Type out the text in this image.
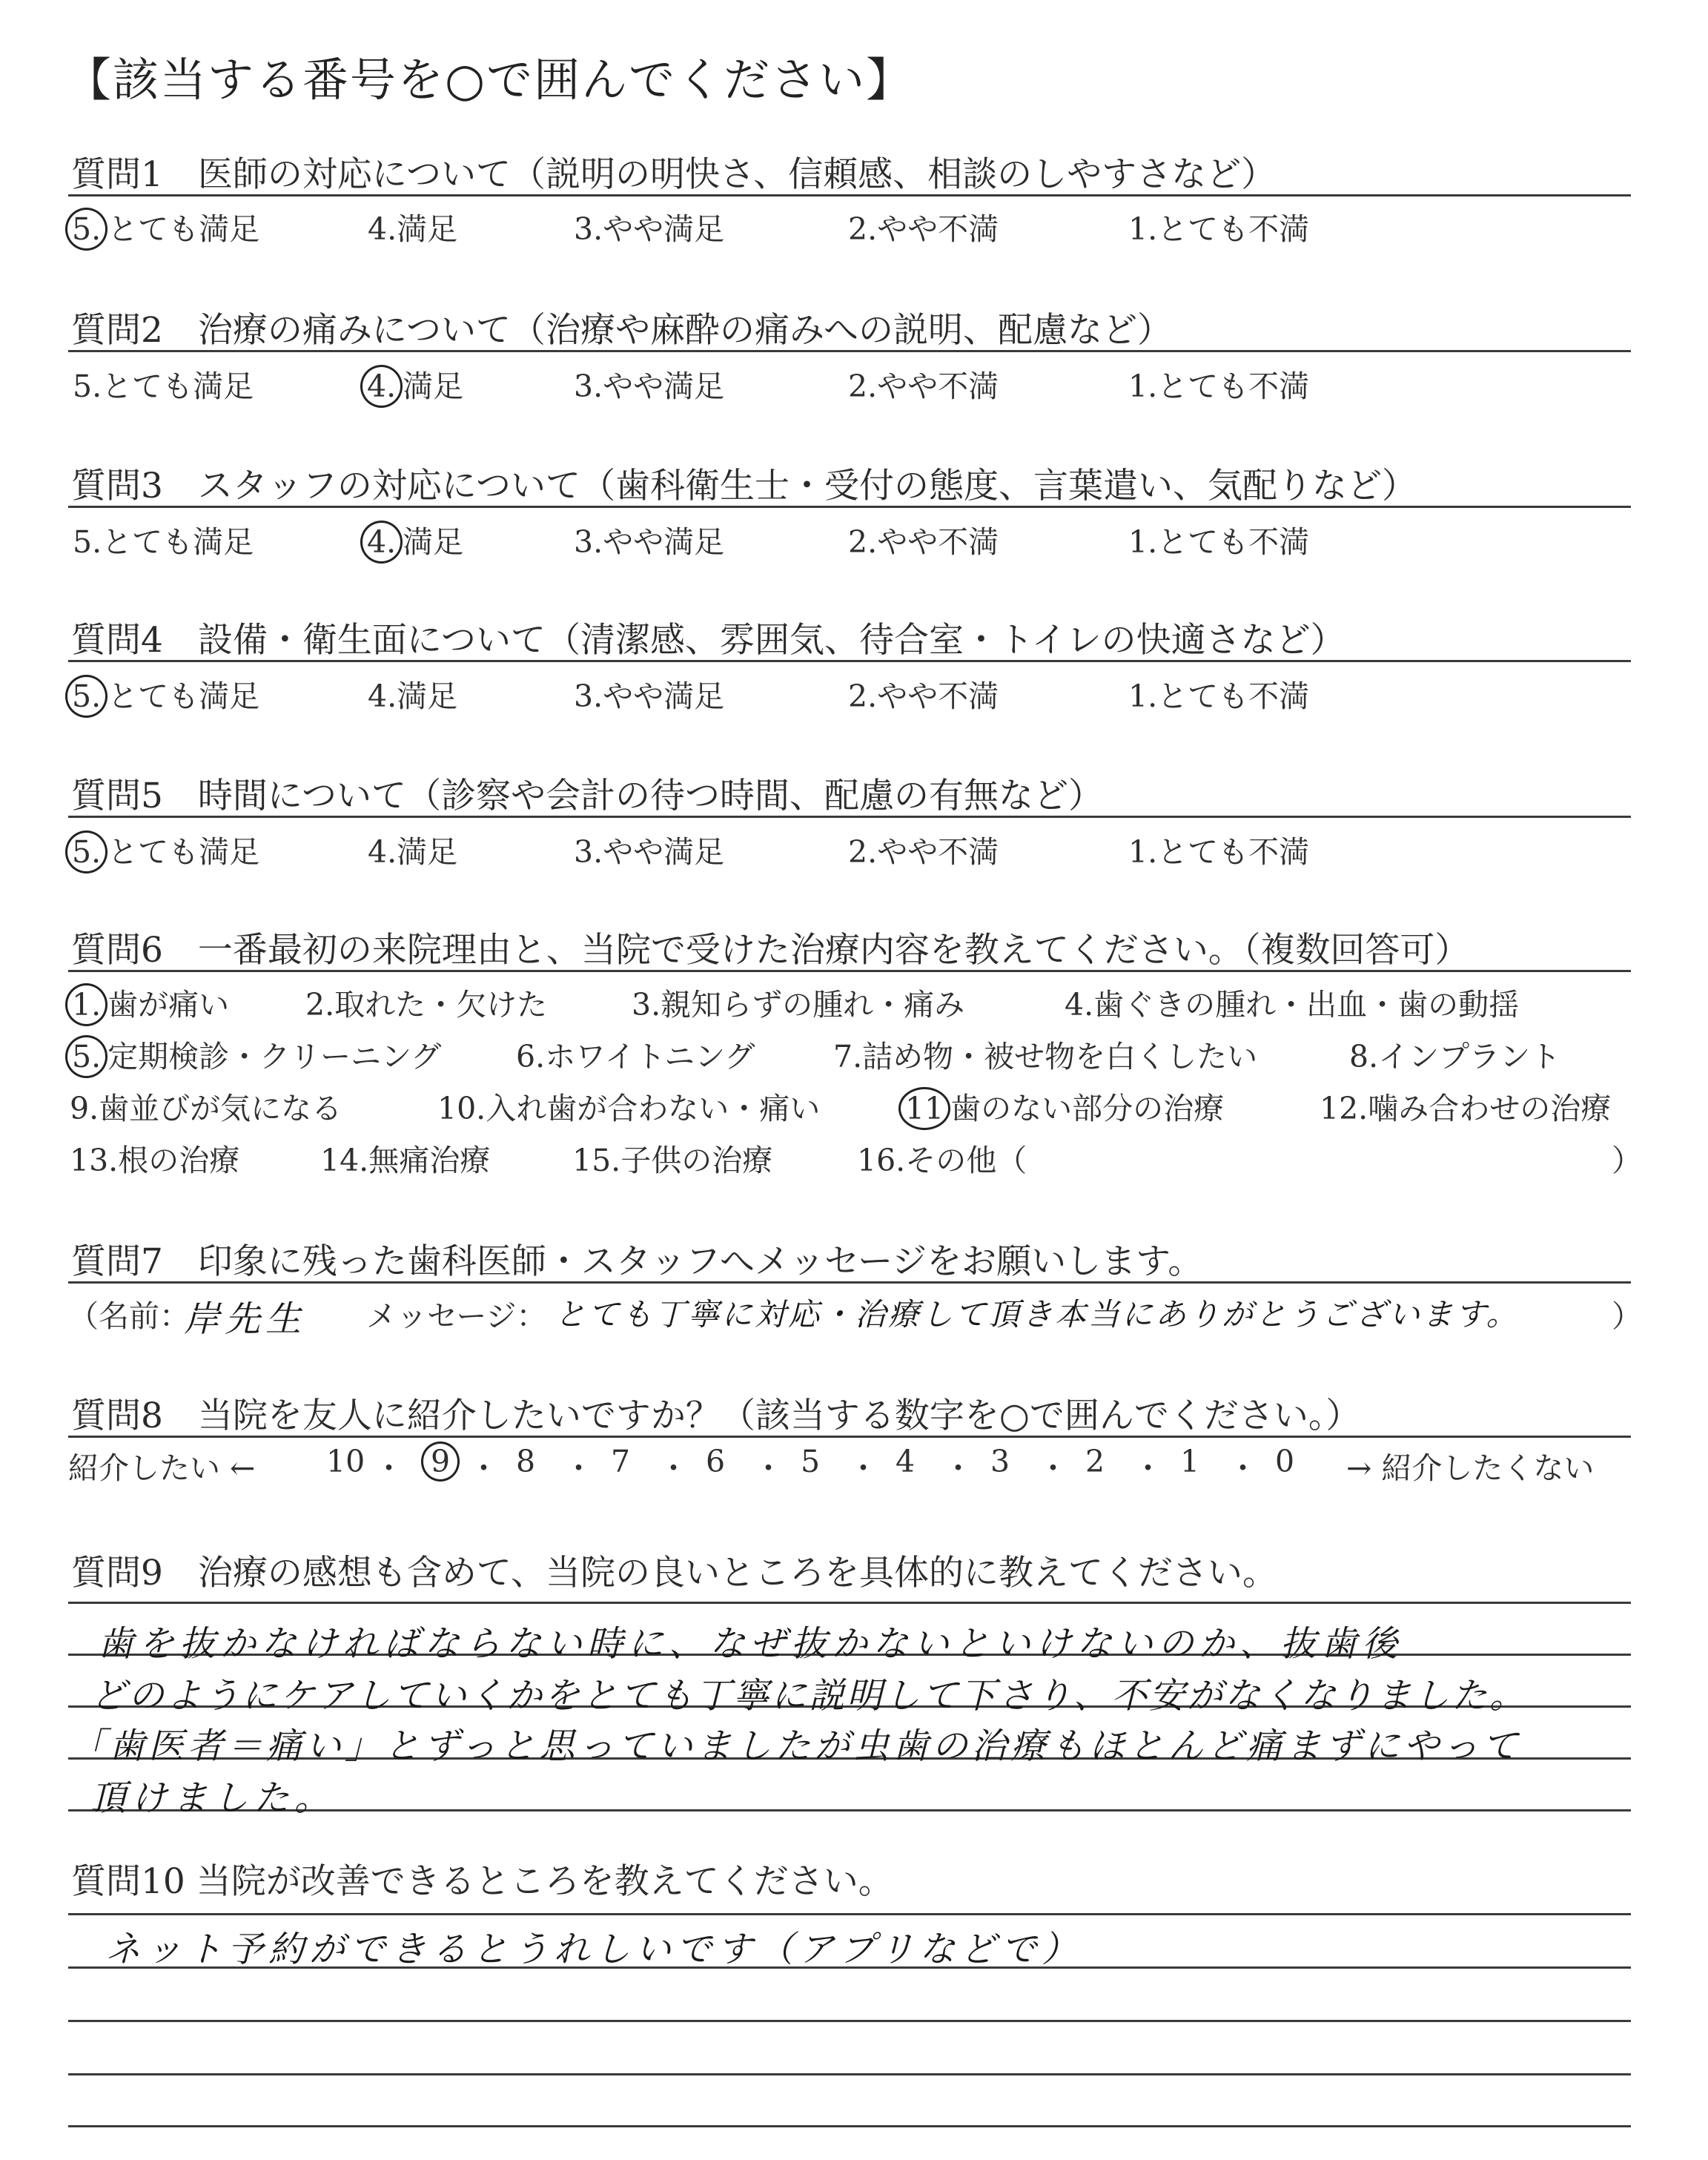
【該当する番号を○で囲んでください】
質問1　医師の対応について（説明の明快さ、信頼感、相談のしやすさなど）
5. とても満足	4.満足	3.やや満足	2.やや不満	1.とても不満
質問2　治療の痛みについて（治療や麻酔の痛みへの説明、配慮など）
5.とても満足	4. 満足	3.やや満足	2.やや不満	1.とても不満
質問3　スタッフの対応について（歯科衛生士・受付の態度、言葉遣い、気配りなど）
5.とても満足	4. 満足	3.やや満足	2.やや不満	1.とても不満
質問4　設備・衛生面について（清潔感、雰囲気、待合室・トイレの快適さなど）
5. とても満足	4.満足	3.やや満足	2.やや不満	1.とても不満
質問5　時間について（診察や会計の待つ時間、配慮の有無など）
5. とても満足	4.満足	3.やや満足	2.やや不満	1.とても不満
質問6　一番最初の来院理由と、当院で受けた治療内容を教えてください。（複数回答可）
1. 歯が痛い	2.取れた・欠けた	3.親知らずの腫れ・痛み	4.歯ぐきの腫れ・出血・歯の動揺
5. 定期検診・クリーニング 6.ホワイトニング	7.詰め物・被せ物を白くしたい	8.インプラント
9.歯並びが気になる	10.入れ歯が合わない・痛い	11 歯のない部分の治療	12.噛み合わせの治療
13.根の治療	14.無痛治療	15.子供の治療	16.その他（	）
質問7　印象に残った歯科医師・スタッフへメッセージをお願いします。
（名前：
岸先生 メッセージ： とても丁寧に対応・治療して頂き本当にありがとうございます。	）
質問8　当院を友人に紹介したいですか？（該当する数字を○で囲んでください。）
紹介したい ← 10 ・ 9 ・ 8 ・ 7 ・ 6 ・ 5 ・ 4 ・ 3 ・ 2 ・ 1 ・ 0 → 紹介したくない
質問9　治療の感想も含めて、当院の良いところを具体的に教えてください。
歯を抜かなければならない時に、なぜ抜かないといけないのか、抜歯後
どのようにケアしていくかをとても丁寧に説明して下さり、不安がなくなりました。
「歯医者＝痛い」とずっと思っていましたが虫歯の治療もほとんど痛まずにやって
頂けました。
質問10 当院が改善できるところを教えてください。
ネット予約ができるとうれしいです（アプリなどで）
